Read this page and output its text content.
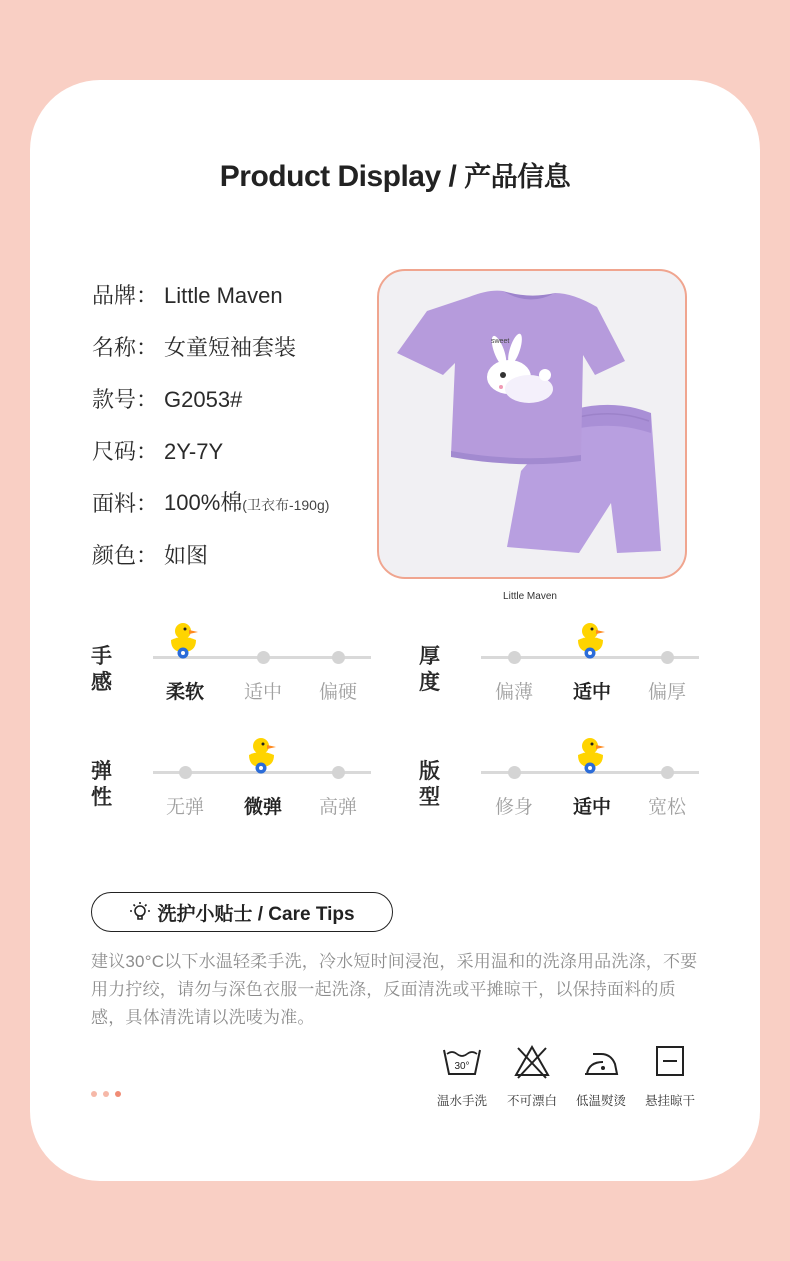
Product Display / 产品信息
品牌： Little Maven
名称： 女童短袖套装
款号： G2053#
尺码： 2Y-7Y
面料： 100%棉(卫衣布-190g)
颜色： 如图
sweet
Little Maven
手感	柔软	适中	偏硬
厚度	偏薄	适中	偏厚
弹性	无弹	微弹	高弹
版型	修身	适中	宽松
洗护小贴士 / Care Tips
建议30°C以下水温轻柔手洗，冷水短时间浸泡，采用温和的洗涤用品洗涤，不要用力拧绞，请勿与深色衣服一起洗涤，反面清洗或平摊晾干，以保持面料的质感，具体清洗请以洗唛为准。
30°
温水手洗	不可漂白	低温熨烫	悬挂晾干
